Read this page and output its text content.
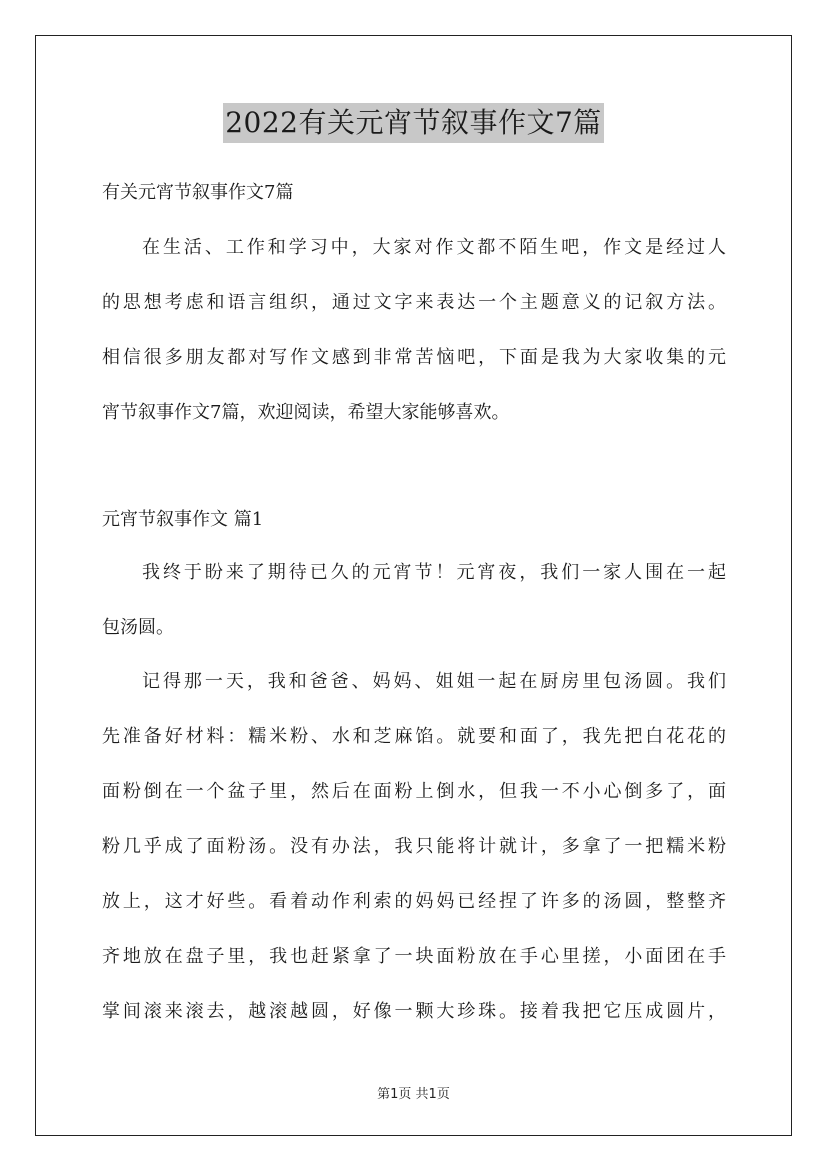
2022有关元宵节叙事作文7篇
有关元宵节叙事作文7篇
在生活、工作和学习中，大家对作文都不陌生吧，作文是经过人
的思想考虑和语言组织，通过文字来表达一个主题意义的记叙方法。
相信很多朋友都对写作文感到非常苦恼吧，下面是我为大家收集的元
宵节叙事作文7篇，欢迎阅读，希望大家能够喜欢。
元宵节叙事作文 篇1
我终于盼来了期待已久的元宵节！元宵夜，我们一家人围在一起
包汤圆。
记得那一天，我和爸爸、妈妈、姐姐一起在厨房里包汤圆。我们
先准备好材料：糯米粉、水和芝麻馅。就要和面了，我先把白花花的
面粉倒在一个盆子里，然后在面粉上倒水，但我一不小心倒多了，面
粉几乎成了面粉汤。没有办法，我只能将计就计，多拿了一把糯米粉
放上，这才好些。看着动作利索的妈妈已经捏了许多的汤圆，整整齐
齐地放在盘子里，我也赶紧拿了一块面粉放在手心里搓，小面团在手
掌间滚来滚去，越滚越圆，好像一颗大珍珠。接着我把它压成圆片，
第1页 共1页
